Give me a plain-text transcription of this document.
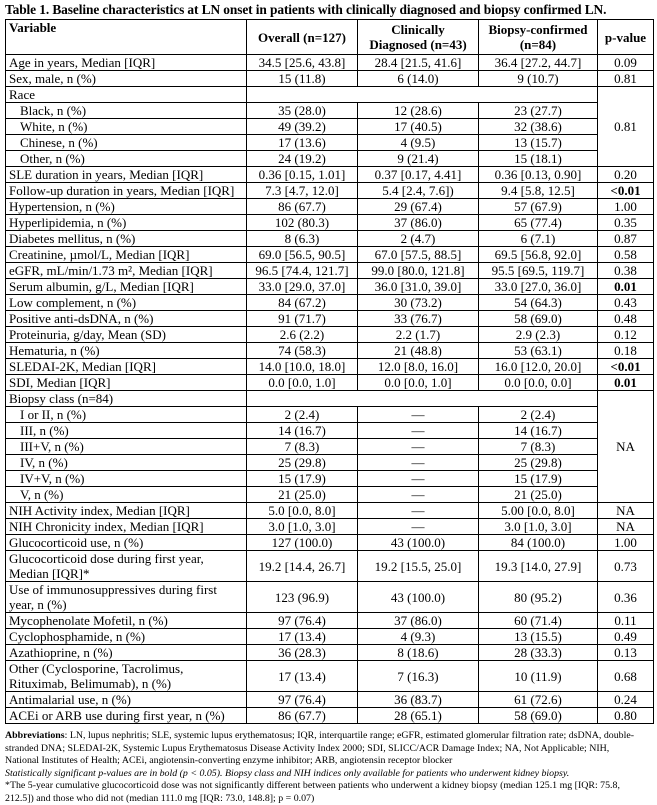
Table 1. Baseline characteristics at LN onset in patients with clinically diagnosed and biopsy confirmed LN.
Variable	Overall (n=127)	Clinically Diagnosed (n=43)	Biopsy-confirmed (n=84)	p-value
Age in years, Median [IQR]	34.5 [25.6, 43.8]	28.4 [21.5, 41.6]	36.4 [27.2, 44.7]	0.09
Sex, male, n (%)	15 (11.8)	6 (14.0)	9 (10.7)	0.81
Race				0.81
Black, n (%)	35 (28.0)	12 (28.6)	23 (27.7)	
White, n (%)	49 (39.2)	17 (40.5)	32 (38.6)	
Chinese, n (%)	17 (13.6)	4 (9.5)	13 (15.7)	
Other, n (%)	24 (19.2)	9 (21.4)	15 (18.1)	
SLE duration in years, Median [IQR]	0.36 [0.15, 1.01]	0.37 [0.17, 4.41]	0.36 [0.13, 0.90]	0.20
Follow-up duration in years, Median [IQR]	7.3 [4.7, 12.0]	5.4 [2.4, 7.6])	9.4 [5.8, 12.5]	<0.01
Hypertension, n (%)	86 (67.7)	29 (67.4)	57 (67.9)	1.00
Hyperlipidemia, n (%)	102 (80.3)	37 (86.0)	65 (77.4)	0.35
Diabetes mellitus, n (%)	8 (6.3)	2 (4.7)	6 (7.1)	0.87
Creatinine, µmol/L, Median [IQR]	69.0 [56.5, 90.5]	67.0 [57.5, 88.5]	69.5 [56.8, 92.0]	0.58
eGFR, mL/min/1.73 m², Median [IQR]	96.5 [74.4, 121.7]	99.0 [80.0, 121.8]	95.5 [69.5, 119.7]	0.38
Serum albumin, g/L, Median [IQR]	33.0 [29.0, 37.0]	36.0 [31.0, 39.0]	33.0 [27.0, 36.0]	0.01
Low complement, n (%)	84 (67.2)	30 (73.2)	54 (64.3)	0.43
Positive anti-dsDNA, n (%)	91 (71.7)	33 (76.7)	58 (69.0)	0.48
Proteinuria, g/day, Mean (SD)	2.6 (2.2)	2.2 (1.7)	2.9 (2.3)	0.12
Hematuria, n (%)	74 (58.3)	21 (48.8)	53 (63.1)	0.18
SLEDAI-2K, Median [IQR]	14.0 [10.0, 18.0]	12.0 [8.0, 16.0]	16.0 [12.0, 20.0]	<0.01
SDI, Median [IQR]	0.0 [0.0, 1.0]	0.0 [0.0, 1.0]	0.0 [0.0, 0.0]	0.01
Biopsy class (n=84)				NA
I or II, n (%)	2 (2.4)	—	2 (2.4)	
III, n (%)	14 (16.7)	—	14 (16.7)	
III+V, n (%)	7 (8.3)	—	7 (8.3)	
IV, n (%)	25 (29.8)	—	25 (29.8)	
IV+V, n (%)	15 (17.9)	—	15 (17.9)	
V, n (%)	21 (25.0)	—	21 (25.0)	
NIH Activity index, Median [IQR]	5.0 [0.0, 8.0]	—	5.00 [0.0, 8.0]	NA
NIH Chronicity index, Median [IQR]	3.0 [1.0, 3.0]	—	3.0 [1.0, 3.0]	NA
Glucocorticoid use, n (%)	127 (100.0)	43 (100.0)	84 (100.0)	1.00
Glucocorticoid dose during first year, Median [IQR]*	19.2 [14.4, 26.7]	19.2 [15.5, 25.0]	19.3 [14.0, 27.9]	0.73
Use of immunosuppressives during first year, n (%)	123 (96.9)	43 (100.0)	80 (95.2)	0.36
Mycophenolate Mofetil, n (%)	97 (76.4)	37 (86.0)	60 (71.4)	0.11
Cyclophosphamide, n (%)	17 (13.4)	4 (9.3)	13 (15.5)	0.49
Azathioprine, n (%)	36 (28.3)	8 (18.6)	28 (33.3)	0.13
Other (Cyclosporine, Tacrolimus, Rituximab, Belimumab), n (%)	17 (13.4)	7 (16.3)	10 (11.9)	0.68
Antimalarial use, n (%)	97 (76.4)	36 (83.7)	61 (72.6)	0.24
ACEi or ARB use during first year, n (%)	86 (67.7)	28 (65.1)	58 (69.0)	0.80
Abbreviations: LN, lupus nephritis; SLE, systemic lupus erythematosus; IQR, interquartile range; eGFR, estimated glomerular filtration rate; dsDNA, double-stranded DNA; SLEDAI-2K, Systemic Lupus Erythematosus Disease Activity Index 2000; SDI, SLICC/ACR Damage Index; NA, Not Applicable; NIH, National Institutes of Health; ACEi, angiotensin-converting enzyme inhibitor; ARB, angiotensin receptor blocker
Statistically significant p-values are in bold (p < 0.05). Biopsy class and NIH indices only available for patients who underwent kidney biopsy.
*The 5-year cumulative glucocorticoid dose was not significantly different between patients who underwent a kidney biopsy (median 125.1 mg [IQR: 75.8, 212.5]) and those who did not (median 111.0 mg [IQR: 73.0, 148.8]; p = 0.07)
